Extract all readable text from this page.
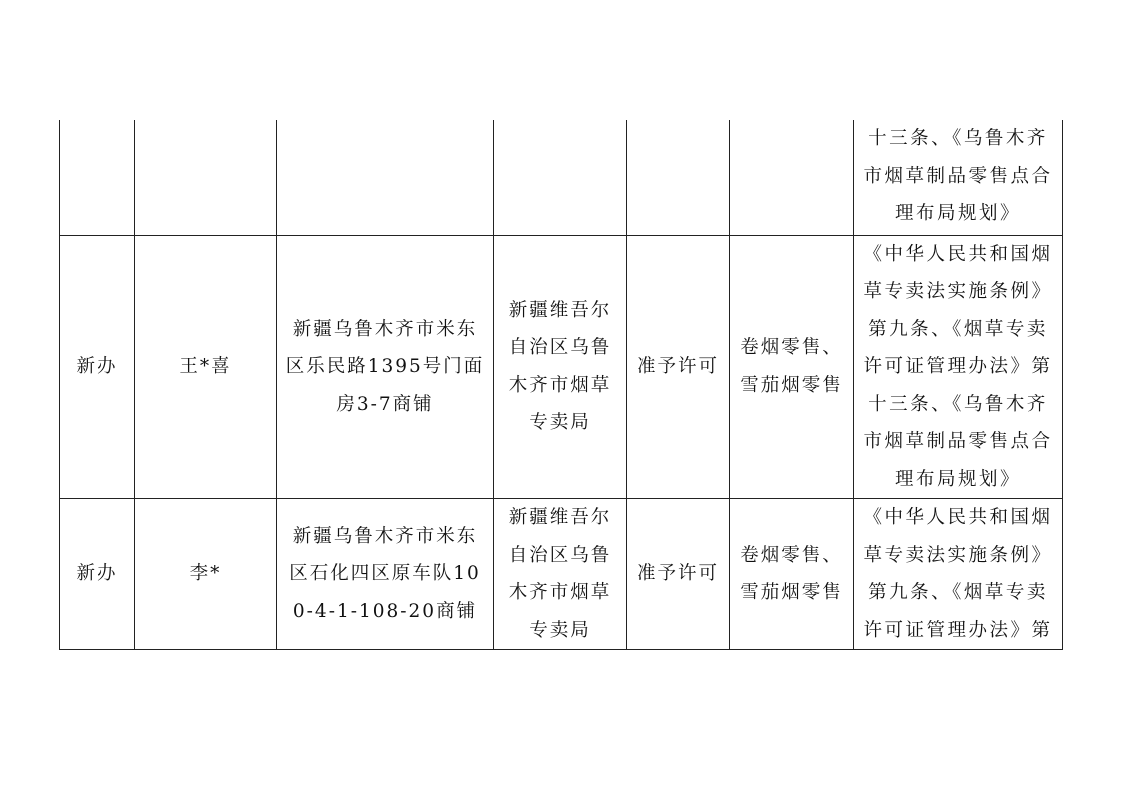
						十三条、《乌鲁木齐市烟草制品零售点合理布局规划》

新办	王*喜	新疆乌鲁木齐市米东区乐民路1395号门面房3-7商铺	新疆维吾尔自治区乌鲁木齐市烟草专卖局	准予许可	卷烟零售、雪茄烟零售	《中华人民共和国烟草专卖法实施条例》第九条、《烟草专卖许可证管理办法》第十三条、《乌鲁木齐市烟草制品零售点合理布局规划》

新办	李*	新疆乌鲁木齐市米东区石化四区原车队100-4-1-108-20商铺	新疆维吾尔自治区乌鲁木齐市烟草专卖局	准予许可	卷烟零售、雪茄烟零售	《中华人民共和国烟草专卖法实施条例》第九条、《烟草专卖许可证管理办法》第
